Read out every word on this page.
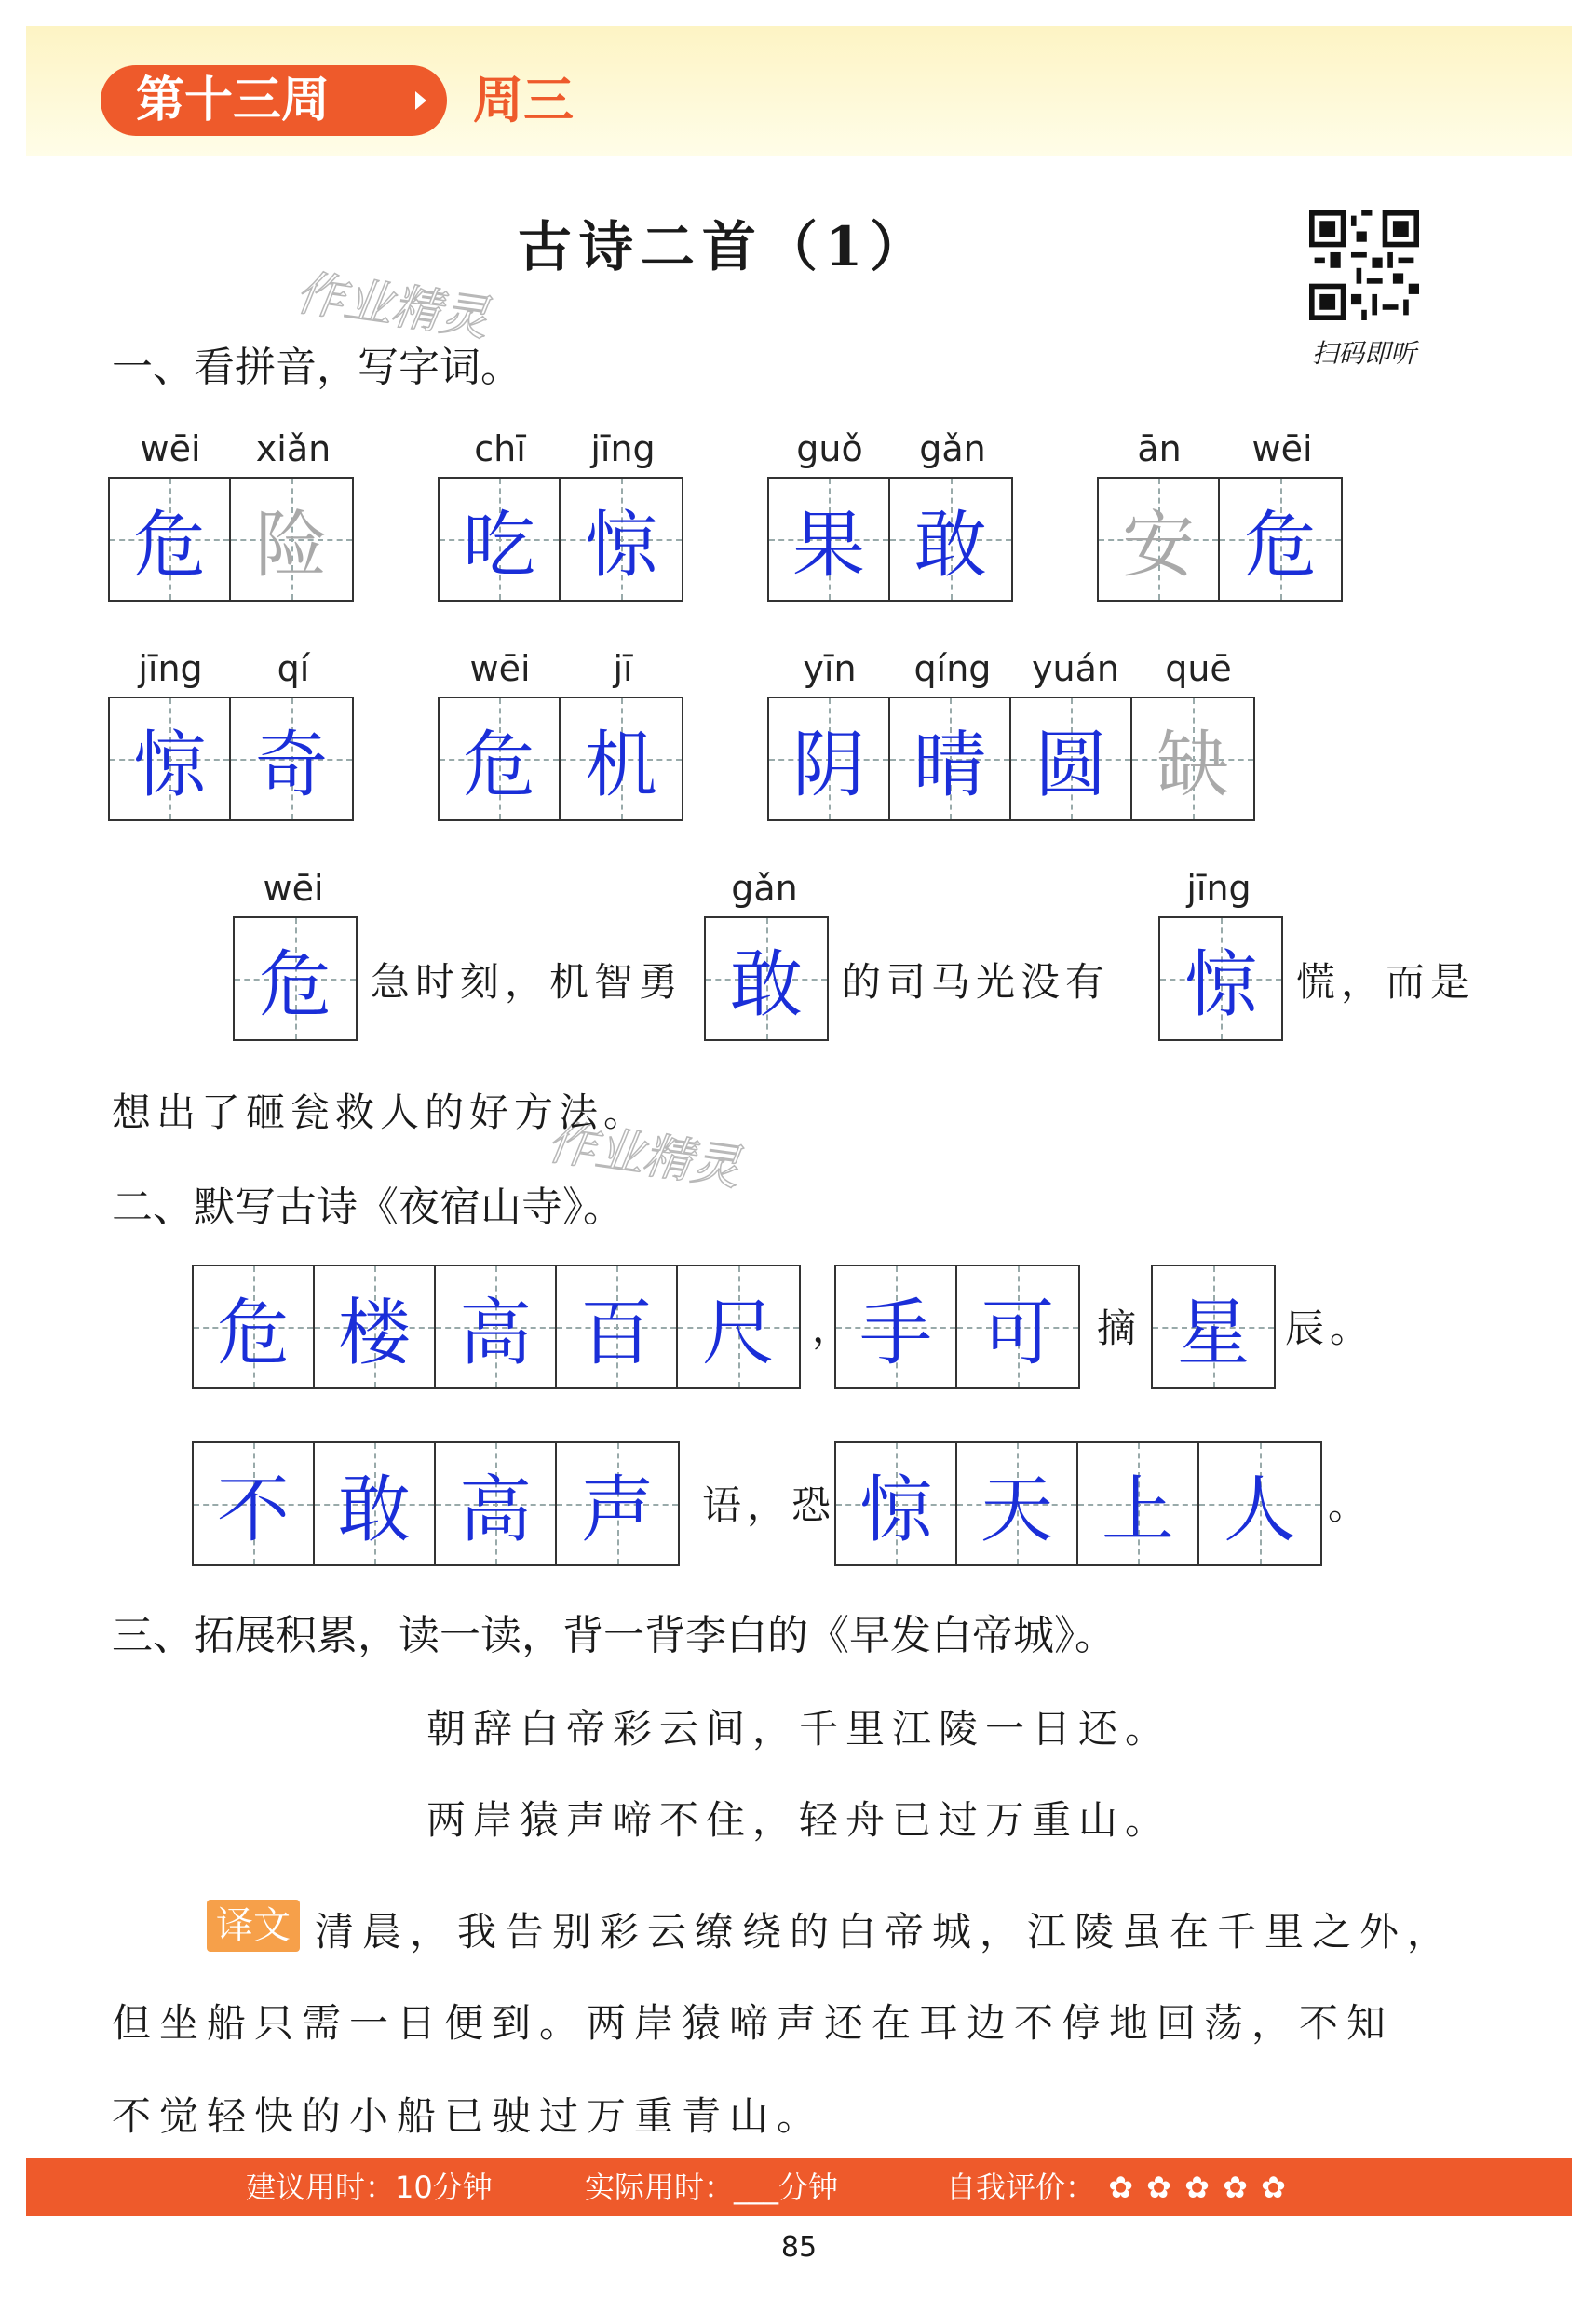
第十三周	周三
古诗二首（1）
扫码即听
作业精灵
作业精灵
一、看拼音，写字词。
wēi	xiǎn
危 险
chī	jīng
吃 惊
guǒ	gǎn
果 敢
ān	wēi
安 危
jīng	qí
惊 奇
wēi	jī
危 机
yīn	qíng	yuán	quē
阴 晴 圆 缺
wēi
危 急时刻，机智勇
gǎn
敢 的司马光没有
jīng
惊 慌，而是
想出了砸瓮救人的好方法。
二、默写古诗《夜宿山寺》。
危 楼 高 百 尺 ， 手 可 摘 星 辰。
不 敢 高 声 语，恐 惊 天 上 人 。
三、拓展积累，读一读，背一背李白的《早发白帝城》。
朝辞白帝彩云间，千里江陵一日还。
两岸猿声啼不住，轻舟已过万重山。
译文 清晨，我告别彩云缭绕的白帝城，江陵虽在千里之外，
但坐船只需一日便到。两岸猿啼声还在耳边不停地回荡，不知
不觉轻快的小船已驶过万重青山。
建议用时：10分钟	实际用时：___分钟	自我评价： ✿ ✿ ✿ ✿ ✿
85
